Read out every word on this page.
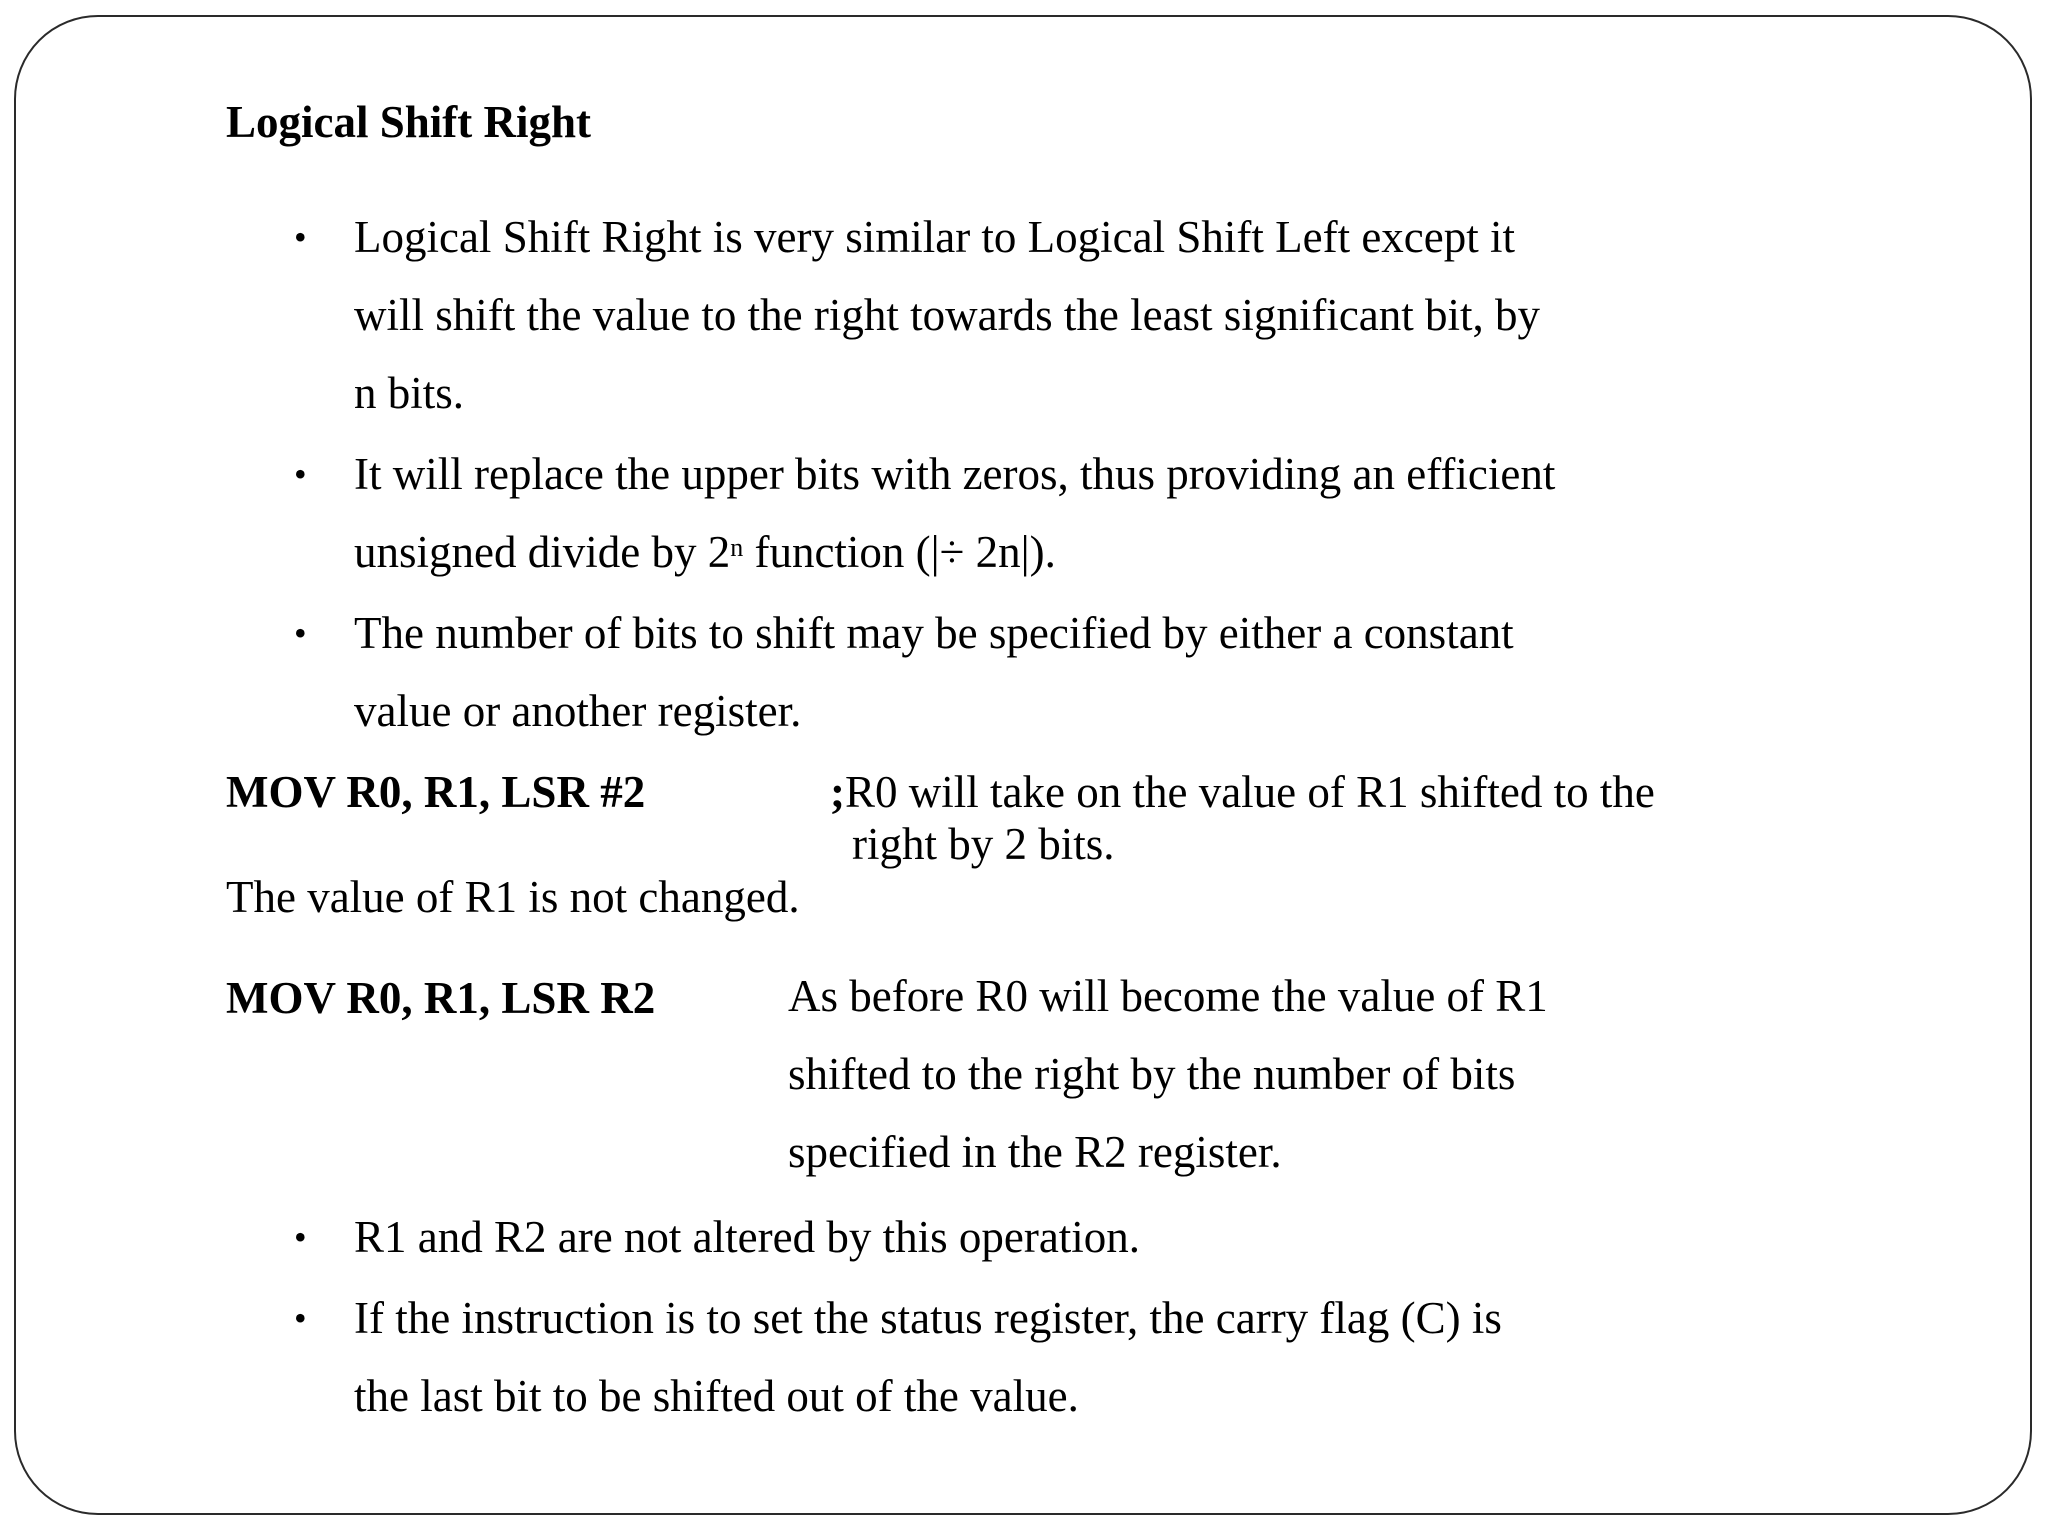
Logical Shift Right
• Logical Shift Right is very similar to Logical Shift Left except it
will shift the value to the right towards the least significant bit, by
n bits.
• It will replace the upper bits with zeros, thus providing an efficient
unsigned divide by 2$^n$ function (|÷ 2n|).
• The number of bits to shift may be specified by either a constant
value or another register.
MOV R0, R1, LSR #2	;R0 will take on the value of R1 shifted to the
right by 2 bits.
The value of R1 is not changed.
MOV R0, R1, LSR R2	As before R0 will become the value of R1
shifted to the right by the number of bits
specified in the R2 register.
• R1 and R2 are not altered by this operation.
• If the instruction is to set the status register, the carry flag (C) is
the last bit to be shifted out of the value.
